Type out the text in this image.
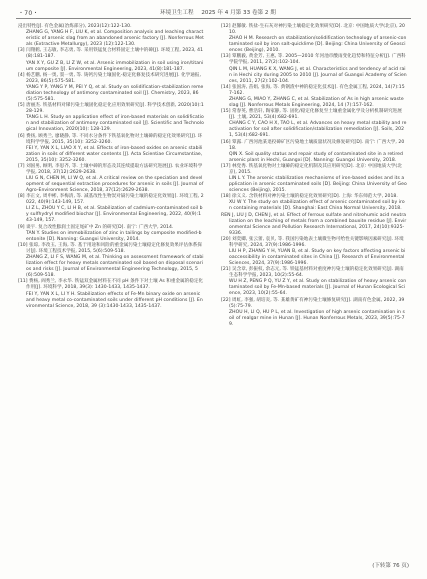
・70・	环境卫生工程 2025 年 4 月第 33 卷第 2 期

浸出特性[J]. 有色金属(冶炼部分), 2023(12):122-130.

ZHANG G, YANG H F, LIU K, et al. Composition analysis and leaching characteristic of arsenic slag from an abandoned arsenic factory [J]. Nonferrous Metals (Extractive Metallurgy), 2023 (12):122-130.

[3] 闫翔鹤, 王志敏, 李志勇, 等. 采用铁锰复合材料固定土壤中的砷[J]. 环境工程, 2023, 41(8):181-187.

YAN X Y, GU Z B, LI Z W, et al. Arsenic immobilization in soil using iron/titanium composite [J]. Environmental Engineering, 2023, 41(8):181-187.

[4] 杨艺鹏, 杨一奥, 窦一勇, 等. 铸钙污染土壤固化-稳定化修复技术研究进展[J]. 化学通报, 2023, 86(5):575-581.

YANG Y P, YANG Y M, PEI Y Q, et al. Study on solidification-stabilization remediation technology of antimony contaminated soil [J]. Chemistry, 2023, 86(5):575-581.

[5] 唐丽杰. 铁基材料对锑污染土壤固化稳定化应用效果研究[J]. 科学技术创新, 2020(10):128-129.

TANG L H. Study on application effect of iron-based materials on solidification and stabilization of antimony contaminated soil [J]. Scientific and Technological Innovation, 2020(10): 128-129.

[6] 费扬, 顾秀兰, 廖晓静, 等. 不同水分条件下铁基氧化物对土壤砷的稳定化效果研究[J]. 环境科学学报, 2015, 35(10): 3252-3260.

FEI Y, YAN X L, LIAO X Y, et al. Effects of iron-based oxides on arsenic stabilization in soils of different water contents [J]. Acta Scientiae Circumstantiae, 2015, 35(10): 3252-3260.

[7] 刘国男, 顾明, 李思齐, 等. 土壤中砷的形态及其连续提取方法研究进展[J]. 农业环境科学学报, 2018, 37(12):2629-2638.

LIU G N, CHEN M, LI W Q, et al. A critical review on the speciation and development of sequential extraction procedures for arsenic in soils [J]. Journal of Agro-Environment Science, 2018, 37(12):2629-2638.

[8] 李正文, 周申彬, 李梅清, 等. 减基改性生物炭对镉污染土壤的稳定化效果[J]. 环境工程, 2022, 40(9):143-149, 157.

LI Z L, ZHOU Y C, LI H B, et al. Stabilization of cadmium-contaminated soil by sulfhydryl modified biochar [J]. Environmental Engineering, 2022, 40(9):143-149, 157.

[9] 谈宇. 复合改性膨润土固定尾矿中 Zn 的研究[D]. 南宁: 广西大学, 2014.

TAN Y. Studies on immobilization of zinc in tailings by composite modified-bentonite [D]. Nanning: Guangxi University, 2014.

[10] 张琼, 李改玉, 王海, 等. 基于用途和风险的重金属污染土壤稳定化修复效果评估体系探讨[J]. 环境工程技术学报, 2015, 5(6):509-518.

ZHANG Z, LI F S, WANG M, et al. Thinking on assessment framework of stabilization effect for heavy metals contaminated soil based on disposal scenarios and risks [J]. Journal of Environmental Engineering Technology, 2015, 5(6):509-518.

[11] 费杨, 阎秀兰, 李永华. 铁锰双金属材料在不同 pH 条件下对土壤 As 和重金属的稳定化作用[J]. 环境科学, 2018, 39(3): 1430-1433, 1435-1437.

FEI Y, YAN X L, LI Y H. Stabilization effects of Fe-Mn binary oxide on arsenic and heavy metal co-contaminated soils under different pH conditions [J]. Environmental Science, 2018, 39 (3):1430-1433, 1435-1437.

[12] 赵馨敏. 铁盐-生石灰对神污染土壤稳定化效果研究[D]. 北京: 中国地质大学(北京), 2010.

ZHAO H M. Research on stabilization/solidification technology of arsenic-contaminated soil by iron salt-quicklime [D]. Beijing: China University of Geosciences (Beijing), 2010.

[13] 覃鹏毅, 黄金芳, 王惠, 等. 2005—2010 年河池市酸雨变化趋势和特征分析[J]. 广西科学院学报, 2011, 27(2):102-104.

QIN L M, HUANG K X, WANG J, et al. Characteristics and tendency of acid rain in Hechi city during 2005 to 2010 [J]. Journal of Guangxi Academy of Sciences, 2011, 27(2):102-104.

[14] 张国涛, 苗娟, 张海, 等. 典钢渣中神的稳定化技术[J]. 有色金属工程, 2024, 14(7):157-162.

ZHANG G, MIAO Y, ZHANG C, et al. Stabilization of As in high arsenic waste slag [J]. Nonferrous Metals Engineering, 2024, 14 (7):157-162.

[15] 常春英, 曹浩轩, 陶家静, 等. 固化/稳定化修复至土壤重金属化学及分析机制研究进展[J]. 土壤, 2021, 53(4):682-691.

CHANG C Y, CAO H X, TAO L, et al. Advances on heavy metal stability and reactivation for soil after solidification/stabilization remediation [J]. Soils, 2021, 53(4):682-691.

[16] 覃露. 广西河池某退役砷矿区污染地土壤质量状况及修复研究[D]. 南宁: 广西大学, 2018.

QIN X. Soil quality status and repair study of contaminated site in a retired arsenic plant in Hechi, Guangxi [D]. Nanning: Guangxi University, 2018.

[17] 林党秀. 铁基氧化物对土壤砷的稳定化机制及其应用研究[D]. 北京: 中国地质大学(北京), 2015.

LIN L Y. The arsenic stabilization mechanisms of iron-based oxides and its application in arsenic contaminated soils [D]. Beijing: China University of Geosciences (Beijing), 2015.

[18] 徐义义. 含铁材料对神污染土壤的稳定化效果研究[D]. 上海: 华东师范大学, 2018.

XU W Y. The study on stabilization effect of arsenic contaminated soil by iron containing materials [D]. Shanghai: East China Normal University, 2018.

REN J, LIU J D, CHEN J, et al. Effect of ferrous sulfate and nitrohumic acid neutralization on the leaching of metals from a combined bauxite residue [J]. Environmental Science and Pollution Research International, 2017, 24(10):9325-9336.

[20] 刘奕卿, 张云蕾, 袁贝, 等. 我国污染地表土壤微生物可给性关键影响因素研究[J]. 环境科学研究, 2024, 37(9):1986-1996.

LIU H P, ZHANG Y H, YUAN B, et al. Study on key factors affecting arsenic bioaccessibility in contaminated sites in China [J]. Research of Environmental Sciences, 2024, 37(9):1986-1996.

[21] 吴含章, 彭振权, 余志元, 等. 铁锰基材料对重度神污染土壤的稳定化效果研究[J]. 湖南生态科学学报, 2023, 10(2):55-64.

WU H Z, PENG P Q, YU Z Y, et al. Study on stabilization of heavy arsenic contaminated soil by Fe-Mn-based materials [J]. Journal of Hunan Ecological Science, 2023, 10(2):55-64.

[22] 周虹, 李强, 胡培炎, 等. 某雄黄矿有神污染土壤修复研究[J]. 湖南有色金属, 2022, 39(5):75-79.

ZHOU H, LI Q, HU P L, et al. Investigation of high arsenic contamination in soil of realgar mine in Hunan [J]. Hunan Nonferrous Metals, 2023, 39(5):75-79.

(下转第 76 页)
